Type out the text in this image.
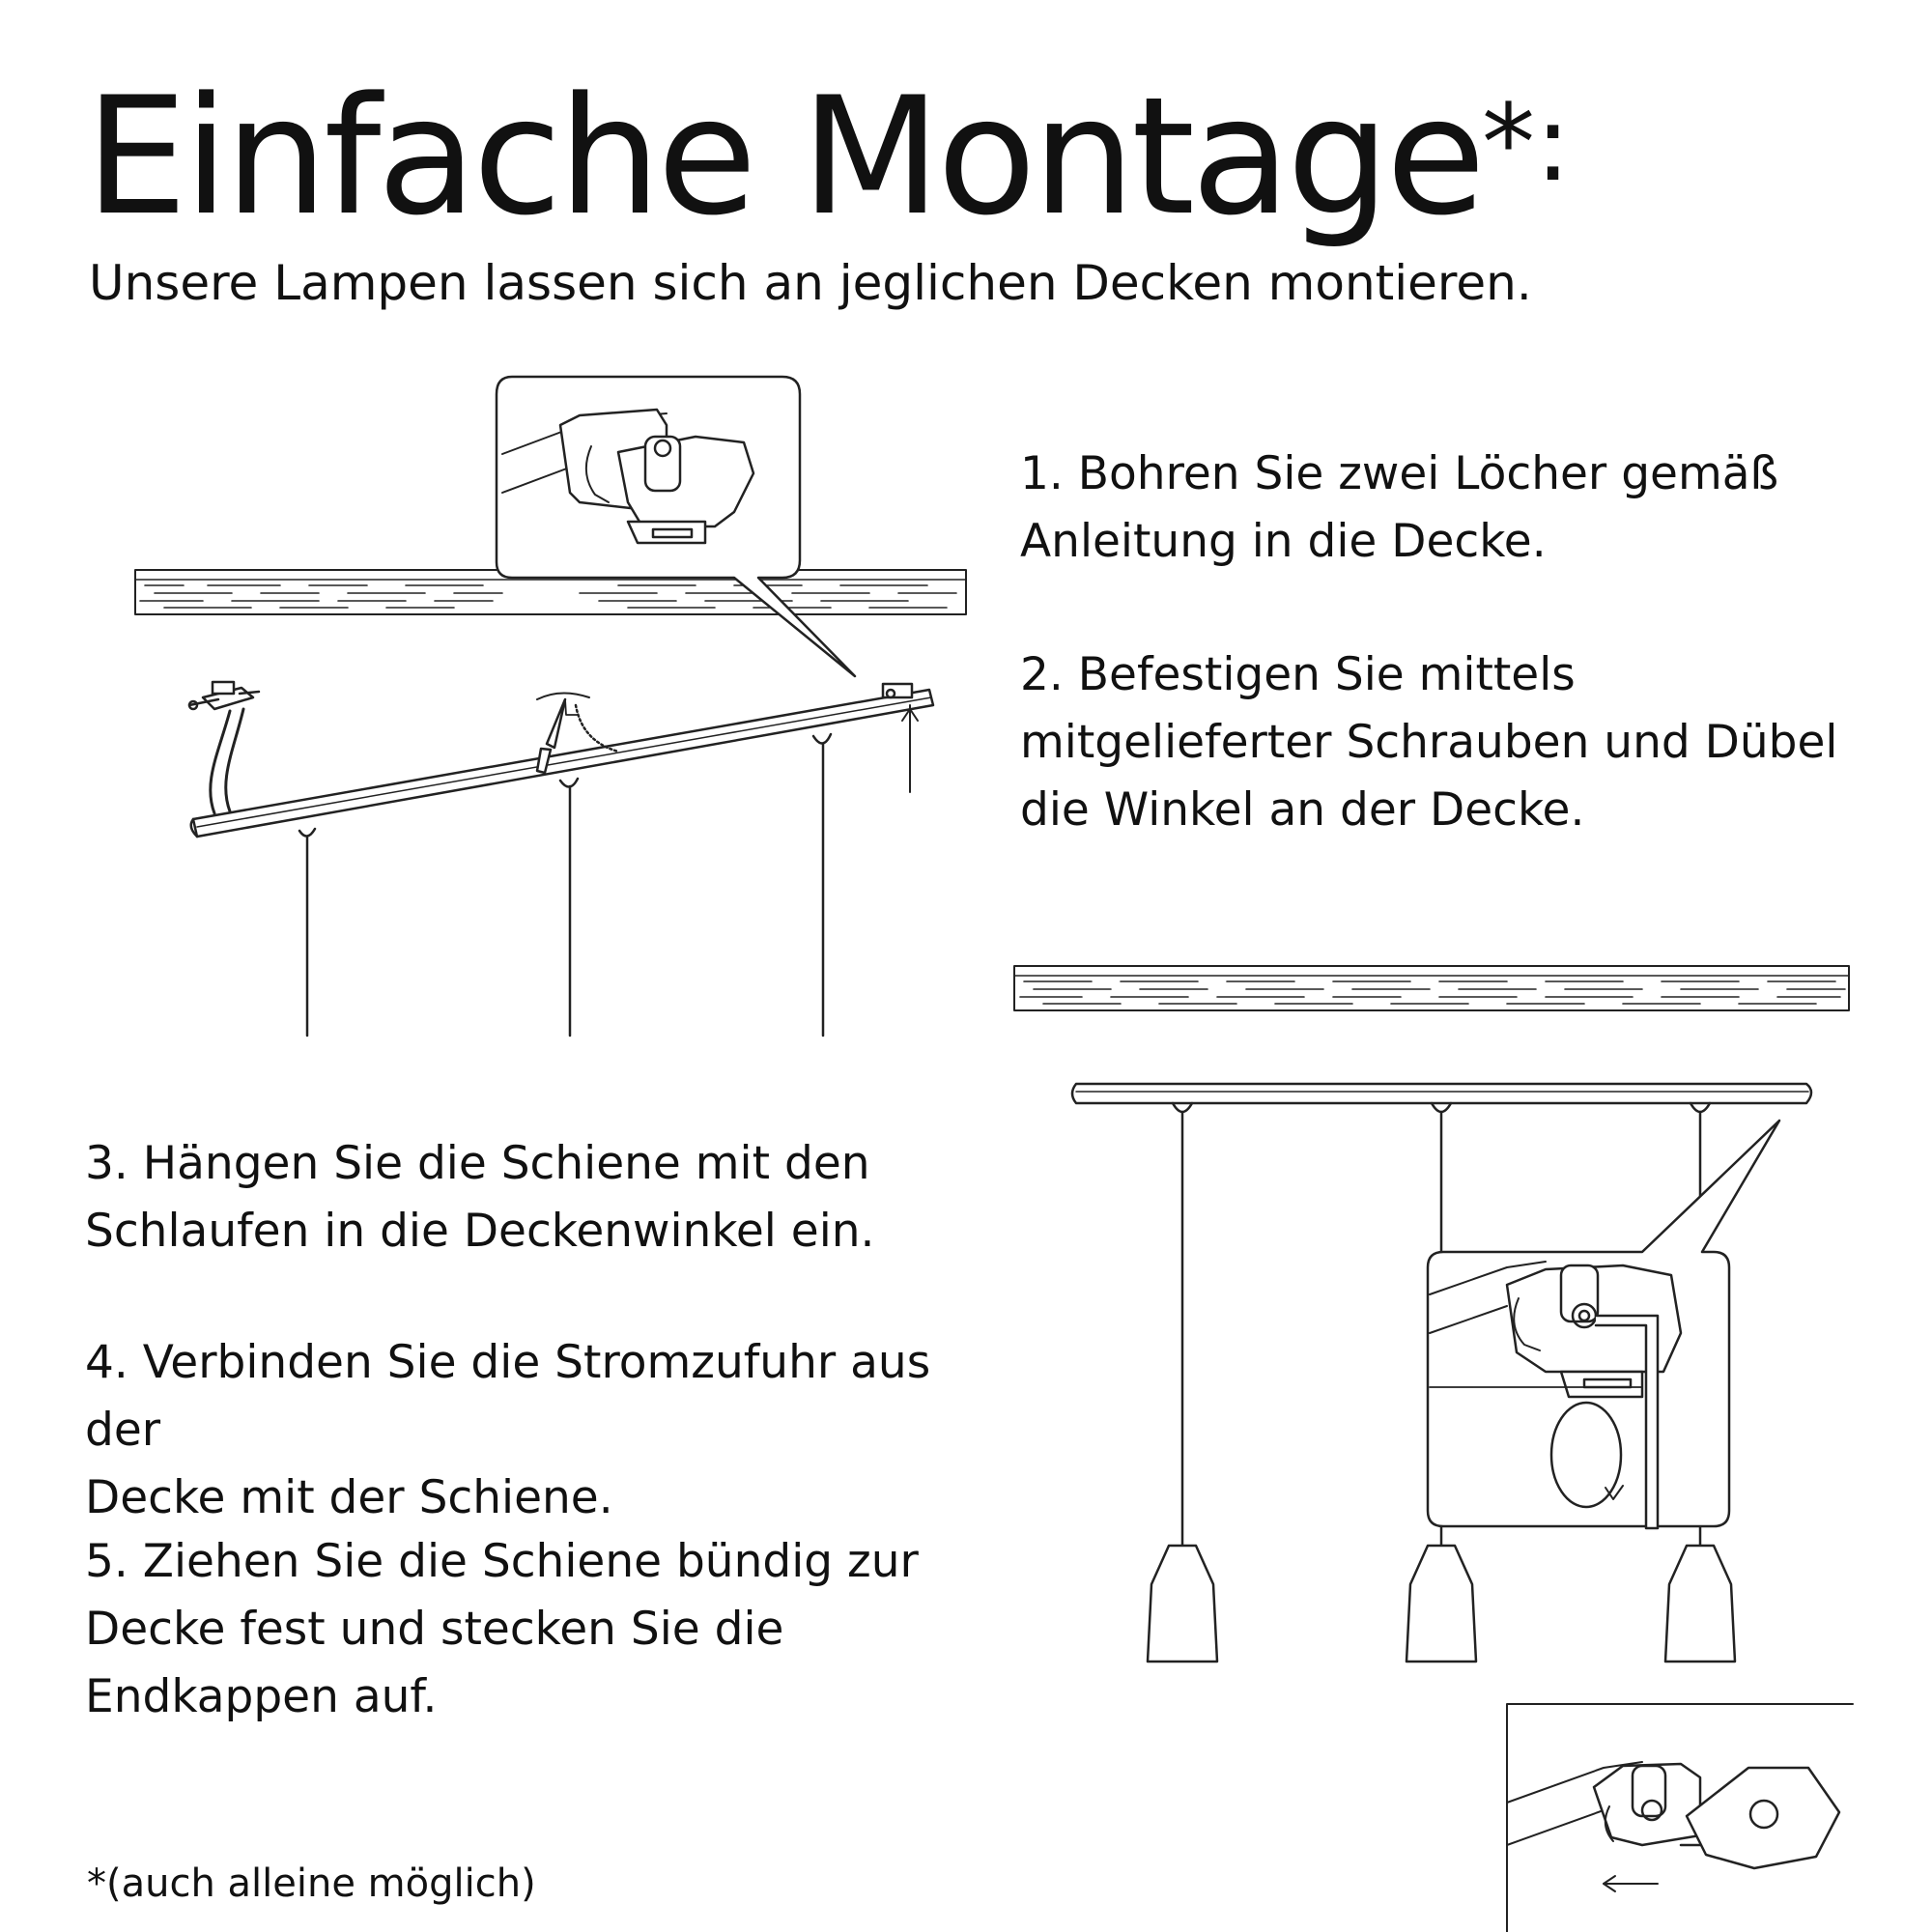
Einfache Montage*:
Unsere Lampen lassen sich an jeglichen Decken montieren.

1. Bohren Sie zwei Löcher gemäß

Anleitung in die Decke.

2. Befestigen Sie mittels

mitgelieferter Schrauben und Dübel

die Winkel an der Decke.

3. Hängen Sie die Schiene mit den

Schlaufen in die Deckenwinkel ein.

4. Verbinden Sie die Stromzufuhr aus der

Decke mit der Schiene.

5. Ziehen Sie die Schiene bündig zur

Decke fest und stecken Sie die

Endkappen auf.

*(auch alleine möglich)
